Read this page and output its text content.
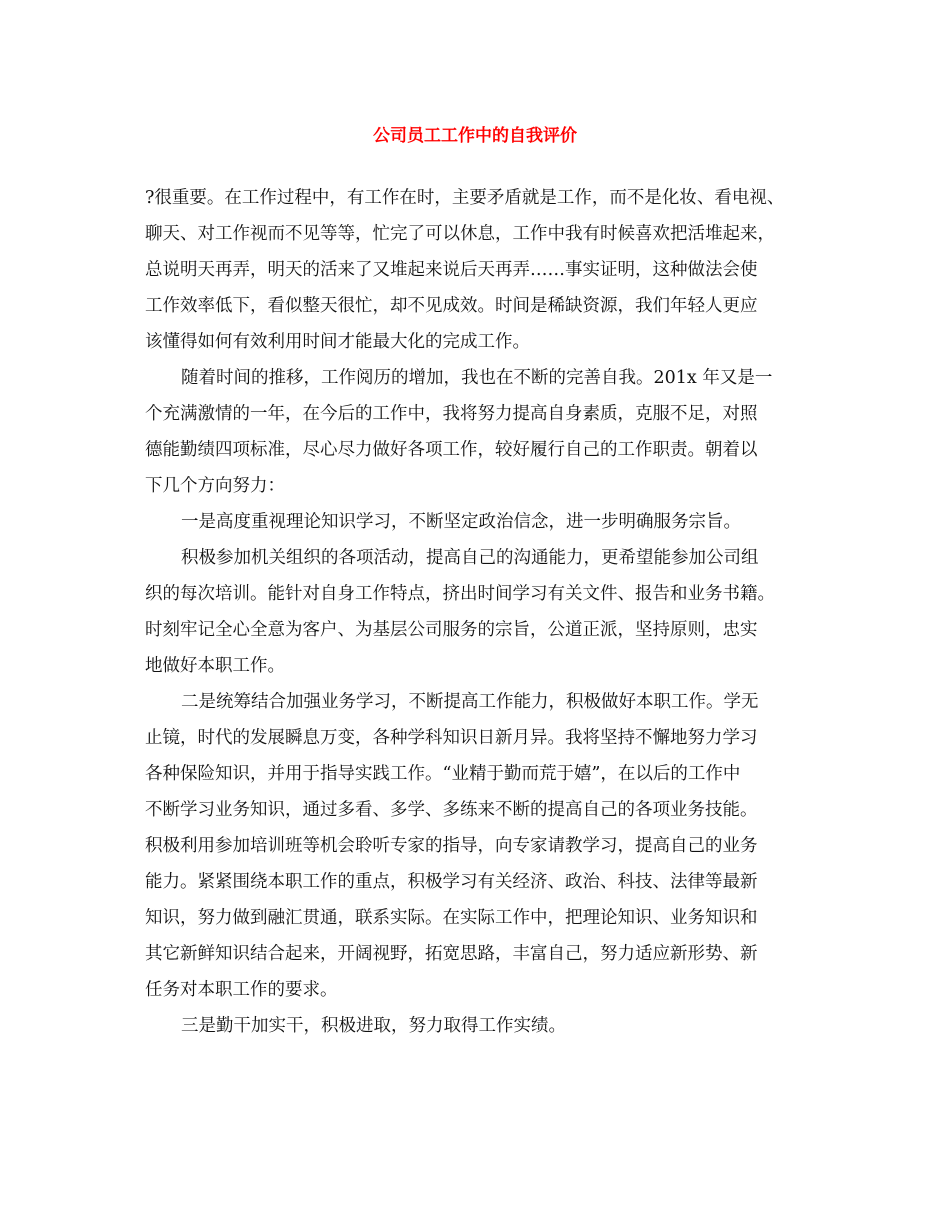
公司员工工作中的自我评价
?很重要。在工作过程中，有工作在时，主要矛盾就是工作，而不是化妆、看电视、
聊天、对工作视而不见等等，忙完了可以休息，工作中我有时候喜欢把活堆起来，
总说明天再弄，明天的活来了又堆起来说后天再弄……事实证明，这种做法会使
工作效率低下，看似整天很忙，却不见成效。时间是稀缺资源，我们年轻人更应
该懂得如何有效利用时间才能最大化的完成工作。
随着时间的推移，工作阅历的增加，我也在不断的完善自我。201x 年又是一
个充满激情的一年，在今后的工作中，我将努力提高自身素质，克服不足，对照
德能勤绩四项标准，尽心尽力做好各项工作，较好履行自己的工作职责。朝着以
下几个方向努力：
一是高度重视理论知识学习，不断坚定政治信念，进一步明确服务宗旨。
积极参加机关组织的各项活动，提高自己的沟通能力，更希望能参加公司组
织的每次培训。能针对自身工作特点，挤出时间学习有关文件、报告和业务书籍。
时刻牢记全心全意为客户、为基层公司服务的宗旨，公道正派，坚持原则，忠实
地做好本职工作。
二是统筹结合加强业务学习，不断提高工作能力，积极做好本职工作。学无
止镜，时代的发展瞬息万变，各种学科知识日新月异。我将坚持不懈地努力学习
各种保险知识，并用于指导实践工作。“业精于勤而荒于嬉”，在以后的工作中
不断学习业务知识，通过多看、多学、多练来不断的提高自己的各项业务技能。
积极利用参加培训班等机会聆听专家的指导，向专家请教学习，提高自己的业务
能力。紧紧围绕本职工作的重点，积极学习有关经济、政治、科技、法律等最新
知识，努力做到融汇贯通，联系实际。在实际工作中，把理论知识、业务知识和
其它新鲜知识结合起来，开阔视野，拓宽思路，丰富自己，努力适应新形势、新
任务对本职工作的要求。
三是勤干加实干，积极进取，努力取得工作实绩。
